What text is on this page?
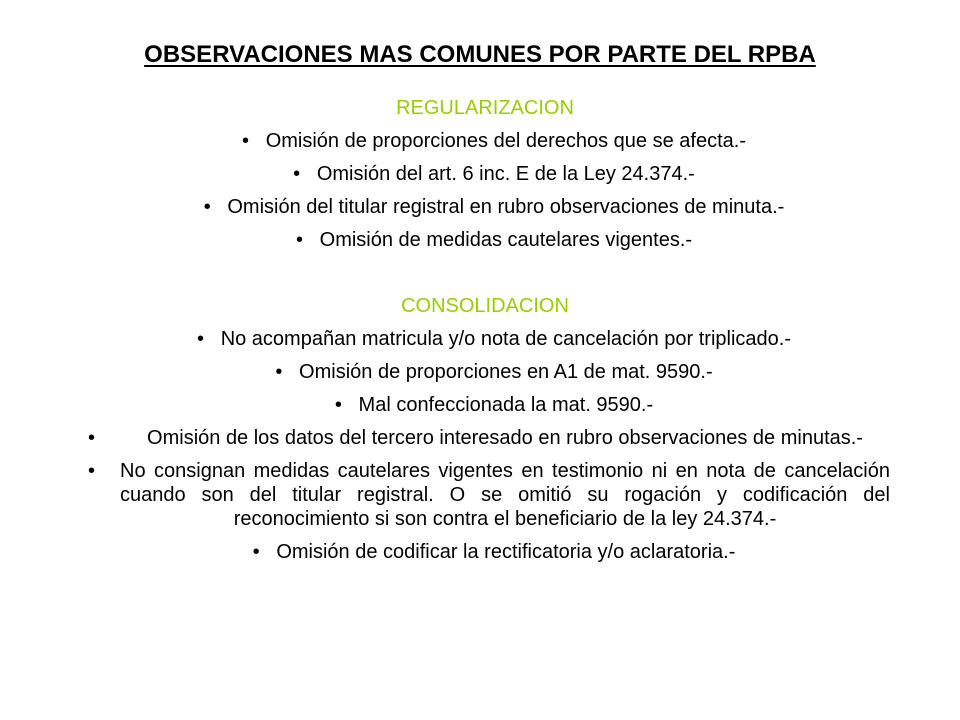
OBSERVACIONES MAS COMUNES POR PARTE DEL RPBA
REGULARIZACION
• Omisión de proporciones del derechos que se afecta.-
• Omisión del art. 6 inc. E de la Ley 24.374.-
• Omisión del titular registral en rubro observaciones de minuta.-
• Omisión de medidas cautelares vigentes.-
CONSOLIDACION
• No acompañan matricula y/o nota de cancelación por triplicado.-
• Omisión de proporciones en A1 de mat. 9590.-
• Mal confeccionada la mat. 9590.-
•	Omisión de los datos del tercero interesado en rubro observaciones de minutas.-
• No consignan medidas cautelares vigentes en testimonio ni en nota de cancelación cuando son del titular registral. O se omitió su rogación y codificación del reconocimiento si son contra el beneficiario de la ley 24.374.-
• Omisión de codificar la rectificatoria y/o aclaratoria.-
